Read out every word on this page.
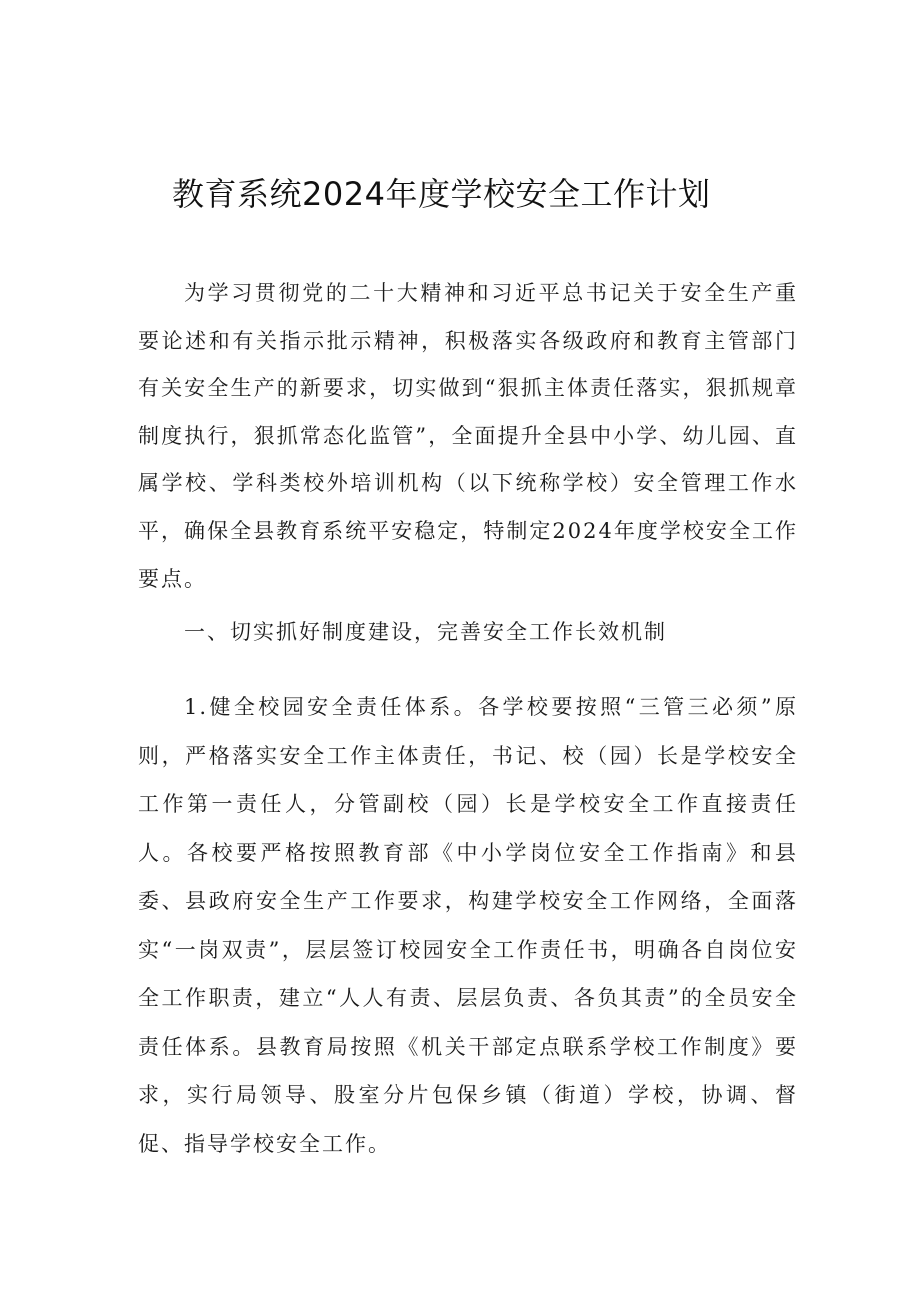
教育系统2024年度学校安全工作计划

为学习贯彻党的二十大精神和习近平总书记关于安全生产重要论述和有关指示批示精神，积极落实各级政府和教育主管部门有关安全生产的新要求，切实做到“狠抓主体责任落实，狠抓规章制度执行，狠抓常态化监管”，全面提升全县中小学、幼儿园、直属学校、学科类校外培训机构（以下统称学校）安全管理工作水平，确保全县教育系统平安稳定，特制定2024年度学校安全工作要点。

一、切实抓好制度建设，完善安全工作长效机制

1.健全校园安全责任体系。各学校要按照“三管三必须”原则，严格落实安全工作主体责任，书记、校（园）长是学校安全工作第一责任人，分管副校（园）长是学校安全工作直接责任人。各校要严格按照教育部《中小学岗位安全工作指南》和县委、县政府安全生产工作要求，构建学校安全工作网络，全面落实“一岗双责”，层层签订校园安全工作责任书，明确各自岗位安全工作职责，建立“人人有责、层层负责、各负其责”的全员安全责任体系。县教育局按照《机关干部定点联系学校工作制度》要求，实行局领导、股室分片包保乡镇（街道）学校，协调、督促、指导学校安全工作。
